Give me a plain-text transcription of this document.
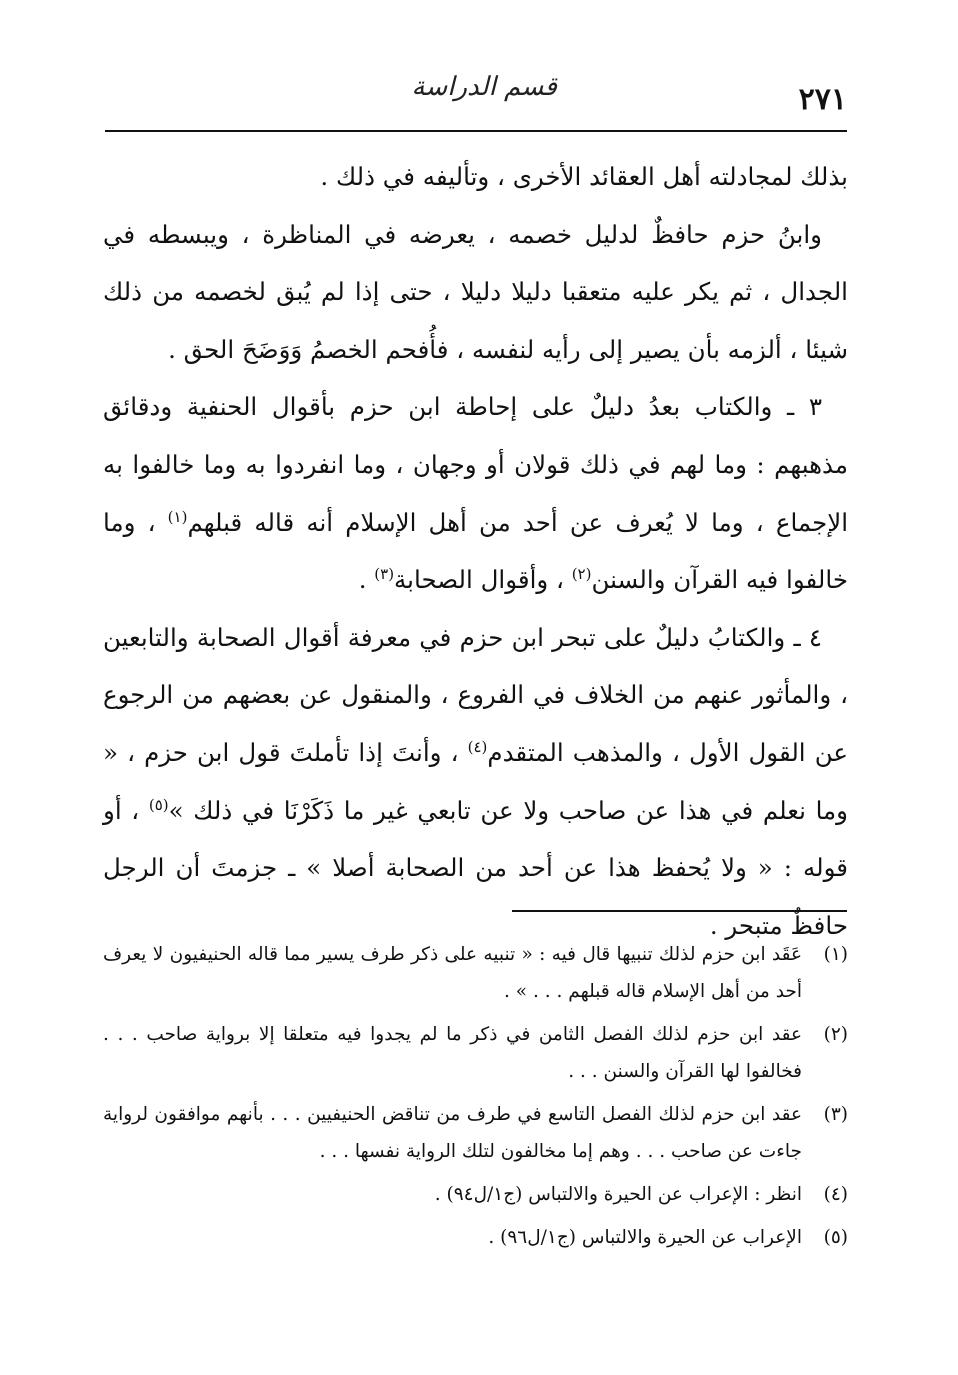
قسم الدراسة	٢٧١

بذلك لمجادلته أهل العقائد الأخرى ، وتأليفه في ذلك .

وابنُ حزم حافظٌ لدليل خصمه ، يعرضه في المناظرة ، ويبسطه في الجدال ، ثم يكر عليه متعقبا دليلا دليلا ، حتى إذا لم يُبق لخصمه من ذلك شيئا ، ألزمه بأن يصير إلى رأيه لنفسه ، فأُفحم الخصمُ وَوَضَحَ الحق .

٣ ـ والكتاب بعدُ دليلٌ على إحاطة ابن حزم بأقوال الحنفية ودقائق مذهبهم : وما لهم في ذلك قولان أو وجهان ، وما انفردوا به وما خالفوا به الإجماع ، وما لا يُعرف عن أحد من أهل الإسلام أنه قاله قبلهم$^{(١)}$ ، وما خالفوا فيه القرآن والسنن$^{(٢)}$ ، وأقوال الصحابة$^{(٣)}$ .

٤ ـ والكتابُ دليلٌ على تبحر ابن حزم في معرفة أقوال الصحابة والتابعين ، والمأثور عنهم من الخلاف في الفروع ، والمنقول عن بعضهم من الرجوع عن القول الأول ، والمذهب المتقدم$^{(٤)}$ ، وأنتَ إذا تأملتَ قول ابن حزم ، « وما نعلم في هذا عن صاحب ولا عن تابعي غير ما ذَكَرْنَا في ذلك »$^{(٥)}$ ، أو قوله : « ولا يُحفظ هذا عن أحد من الصحابة أصلا » ـ جزمتَ أن الرجل حافظٌ متبحر .

(١)
عَقَد ابن حزم لذلك تنبيها قال فيه : « تنبيه على ذكر طرف يسير مما قاله الحنيفيون لا يعرف أحد من أهل الإسلام قاله قبلهم . . . » .
(٢)
عقد ابن حزم لذلك الفصل الثامن في ذكر ما لم يجدوا فيه متعلقا إلا برواية صاحب . . . فخالفوا لها القرآن والسنن . . .
(٣)
عقد ابن حزم لذلك الفصل التاسع في طرف من تناقض الحنيفيين . . . بأنهم موافقون لرواية جاءت عن صاحب . . . وهم إما مخالفون لتلك الرواية نفسها . . .
(٤)
انظر : الإعراب عن الحيرة والالتباس (ج١/ل٩٤) .
(٥)
الإعراب عن الحيرة والالتباس (ج١/ل٩٦) .
